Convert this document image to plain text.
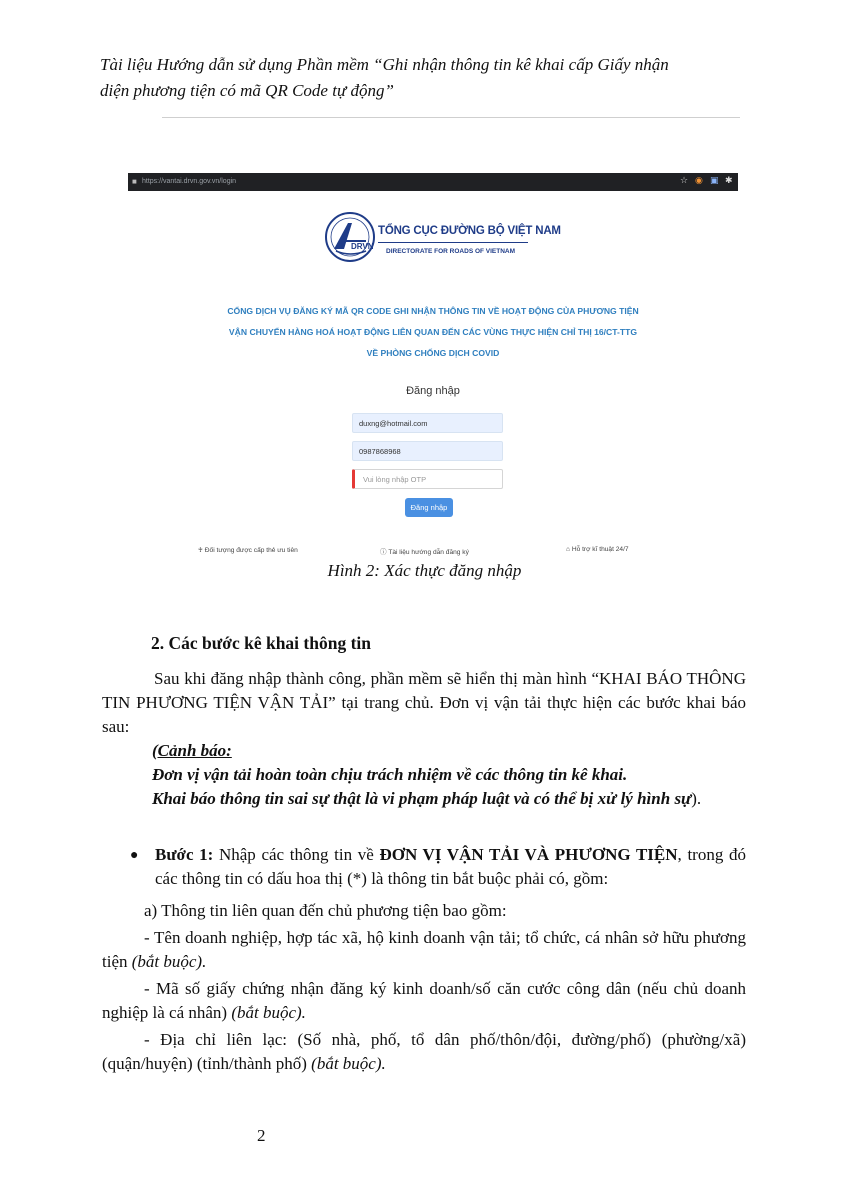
Tài liệu Hướng dẫn sử dụng Phần mềm “Ghi nhận thông tin kê khai cấp Giấy nhận
diện phương tiện có mã QR Code tự động”
■ https://vantai.drvn.gov.vn/login	☆ ◉ ▣ ✱
DRVN
TỔNG CỤC ĐƯỜNG BỘ VIỆT NAM
DIRECTORATE FOR ROADS OF VIETNAM
CỔNG DỊCH VỤ ĐĂNG KÝ MÃ QR CODE GHI NHẬN THÔNG TIN VỀ HOẠT ĐỘNG CỦA PHƯƠNG TIỆN
VẬN CHUYỂN HÀNG HOÁ HOẠT ĐỘNG LIÊN QUAN ĐẾN CÁC VÙNG THỰC HIỆN CHỈ THỊ 16/CT-TTG
VỀ PHÒNG CHỐNG DỊCH COVID
Đăng nhập
duxng@hotmail.com
0987868968
Vui lòng nhập OTP
Đăng nhập
♰ Đối tượng được cấp thẻ ưu tiên	ⓘ Tài liệu hướng dẫn đăng ký	⌂ Hỗ trợ kĩ thuật 24/7
Hình 2: Xác thực đăng nhập
2. Các bước kê khai thông tin
Sau khi đăng nhập thành công, phần mềm sẽ hiển thị màn hình “KHAI BÁO THÔNG TIN PHƯƠNG TIỆN VẬN TẢI” tại trang chủ. Đơn vị vận tải thực hiện các bước khai báo sau:
(Cảnh báo:
Đơn vị vận tải hoàn toàn chịu trách nhiệm về các thông tin kê khai.
Khai báo thông tin sai sự thật là vi phạm pháp luật và có thể bị xử lý hình sự).
● Bước 1: Nhập các thông tin về ĐƠN VỊ VẬN TẢI VÀ PHƯƠNG TIỆN, trong đó các thông tin có dấu hoa thị (*) là thông tin bắt buộc phải có, gồm:
a) Thông tin liên quan đến chủ phương tiện bao gồm:
- Tên doanh nghiệp, hợp tác xã, hộ kinh doanh vận tải; tổ chức, cá nhân sở hữu phương tiện (bắt buộc).
- Mã số giấy chứng nhận đăng ký kinh doanh/số căn cước công dân (nếu chủ doanh nghiệp là cá nhân) (bắt buộc).
- Địa chỉ liên lạc: (Số nhà, phố, tổ dân phố/thôn/đội, đường/phố) (phường/xã) (quận/huyện) (tỉnh/thành phố) (bắt buộc).
2
